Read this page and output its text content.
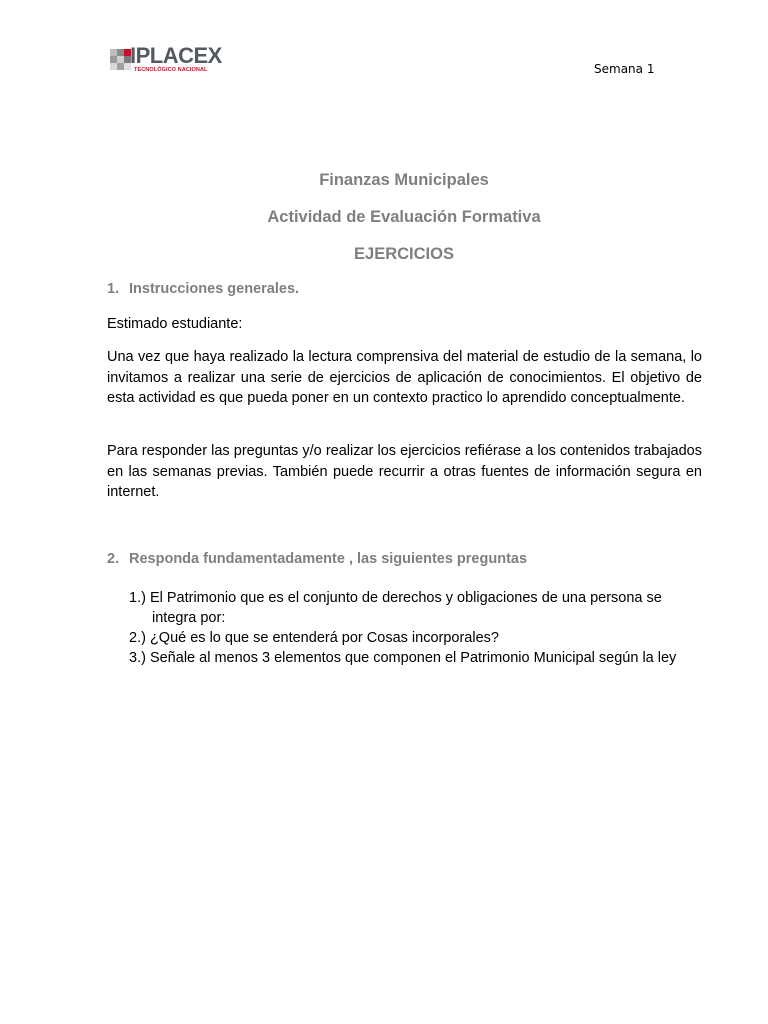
IPLACEX
TECNOLÓGICO NACIONAL	Semana 1
Finanzas Municipales
Actividad de Evaluación Formativa
EJERCICIOS
1. Instrucciones generales.

Estimado estudiante:

Una vez que haya realizado la lectura comprensiva del material de estudio de la semana, lo invitamos a realizar una serie de ejercicios de aplicación de conocimientos. El objetivo de esta actividad es que pueda poner en un contexto practico lo aprendido conceptualmente.

Para responder las preguntas y/o realizar los ejercicios refiérase a los contenidos trabajados en las semanas previas. También puede recurrir a otras fuentes de información segura en internet.

2. Responda fundamentadamente , las siguientes preguntas
1.) El Patrimonio que es el conjunto de derechos y obligaciones de una persona se integra por:
2.) ¿Qué es lo que se entenderá por Cosas incorporales?
3.) Señale al menos 3 elementos que componen el Patrimonio Municipal según la ley
